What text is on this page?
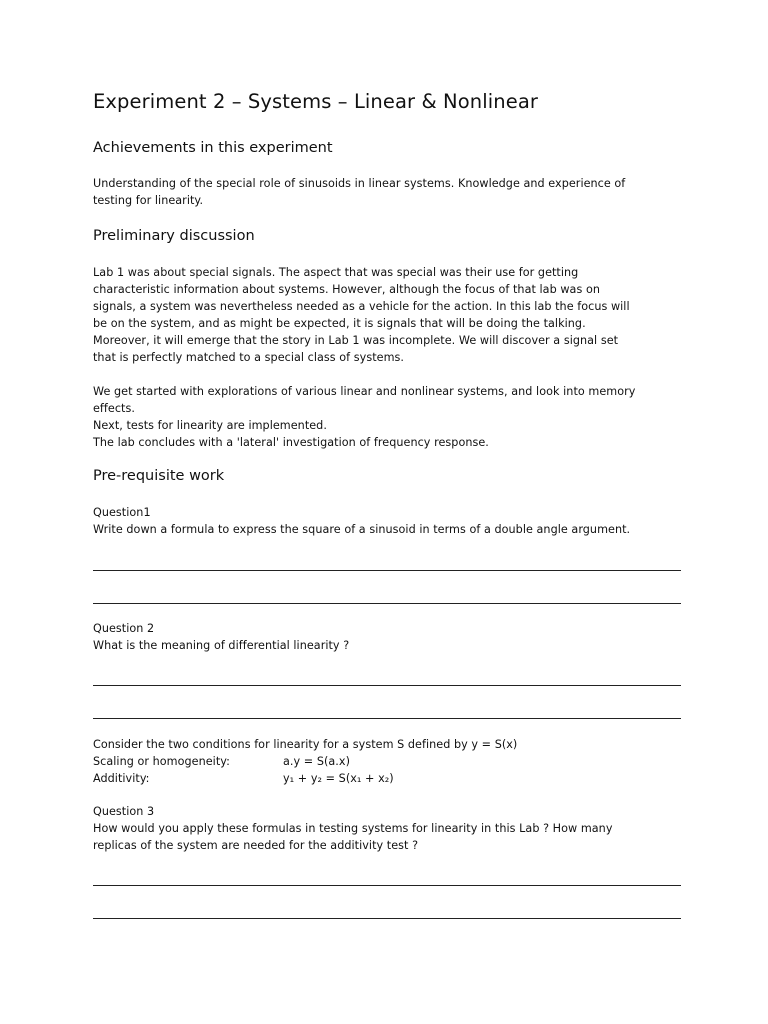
Experiment 2 – Systems – Linear & Nonlinear
Achievements in this experiment
Understanding of the special role of sinusoids in linear systems. Knowledge and experience of
testing for linearity.
Preliminary discussion
Lab 1 was about special signals. The aspect that was special was their use for getting
characteristic information about systems. However, although the focus of that lab was on
signals, a system was nevertheless needed as a vehicle for the action. In this lab the focus will
be on the system, and as might be expected, it is signals that will be doing the talking.
Moreover, it will emerge that the story in Lab 1 was incomplete. We will discover a signal set
that is perfectly matched to a special class of systems.
We get started with explorations of various linear and nonlinear systems, and look into memory
effects.
Next, tests for linearity are implemented.
The lab concludes with a 'lateral' investigation of frequency response.
Pre-requisite work
Question1
Write down a formula to express the square of a sinusoid in terms of a double angle argument.
Question 2
What is the meaning of differential linearity ?
Consider the two conditions for linearity for a system S defined by y = S(x)
Scaling or homogeneity:	a.y = S(a.x)
Additivity:	y₁ + y₂ = S(x₁ + x₂)
Question 3
How would you apply these formulas in testing systems for linearity in this Lab ? How many
replicas of the system are needed for the additivity test ?
